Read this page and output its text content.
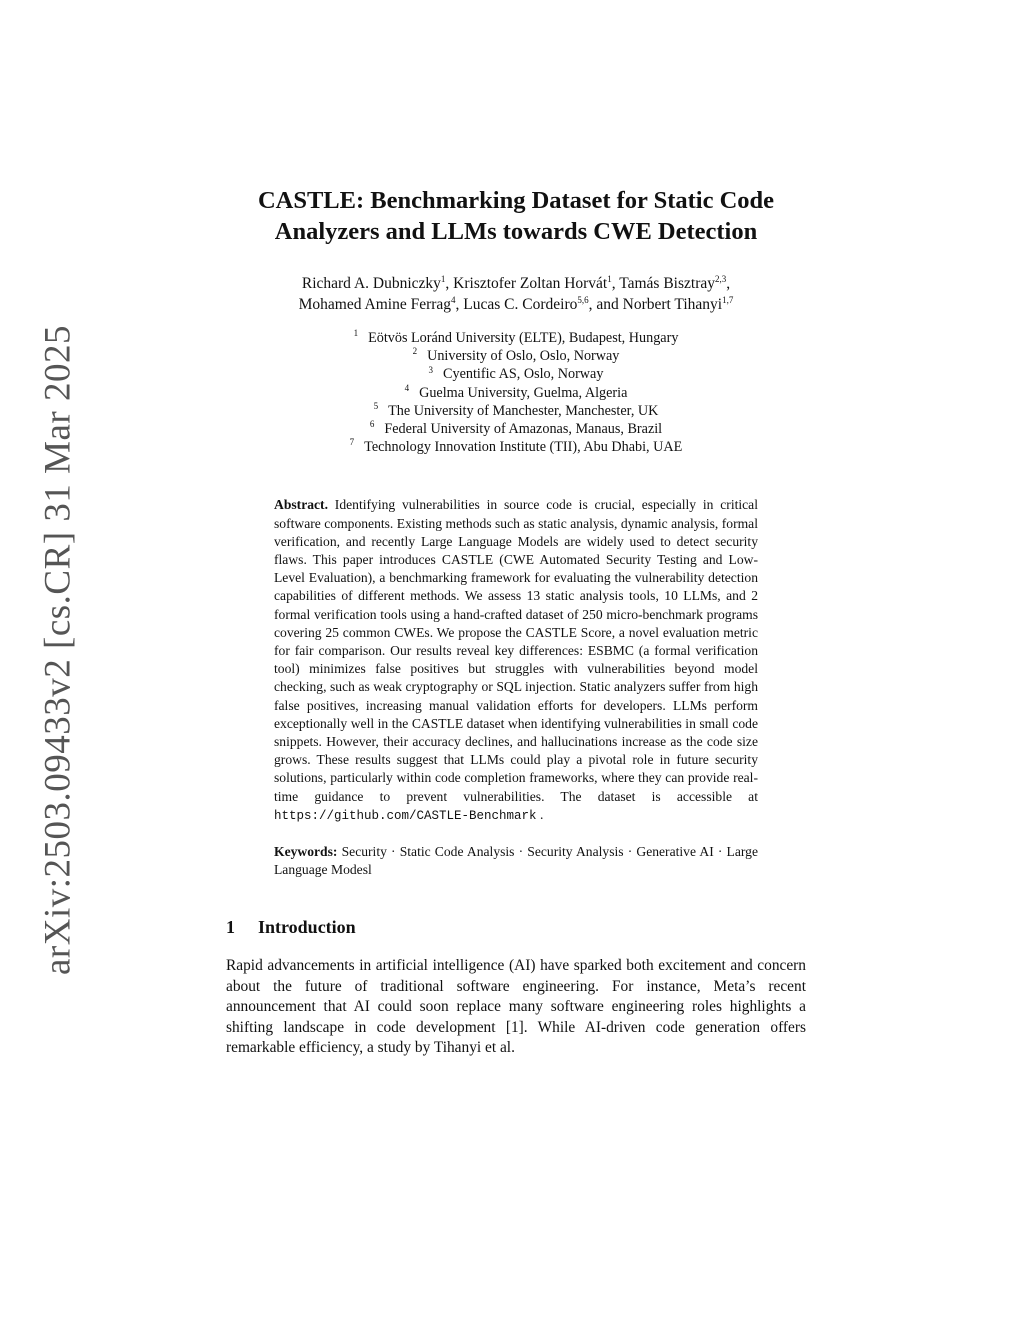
arXiv:2503.09433v2 [cs.CR] 31 Mar 2025
CASTLE: Benchmarking Dataset for Static Code
Analyzers and LLMs towards CWE Detection
Richard A. Dubniczky$^1$, Krisztofer Zoltan Horvát$^1$, Tamás Bisztray$^{2,3}$,
Mohamed Amine Ferrag$^4$, Lucas C. Cordeiro$^{5,6}$, and Norbert Tihanyi$^{1,7}$
$^1$ Eötvös Loránd University (ELTE), Budapest, Hungary
$^2$ University of Oslo, Oslo, Norway
$^3$ Cyentific AS, Oslo, Norway
$^4$ Guelma University, Guelma, Algeria
$^5$ The University of Manchester, Manchester, UK
$^6$ Federal University of Amazonas, Manaus, Brazil
$^7$ Technology Innovation Institute (TII), Abu Dhabi, UAE
Abstract. Identifying vulnerabilities in source code is crucial, especially in critical software components. Existing methods such as static analysis, dynamic analysis, formal verification, and recently Large Language Models are widely used to detect security flaws. This paper introduces CASTLE (CWE Automated Security Testing and Low-Level Evaluation), a benchmarking framework for evaluating the vulnerability detection capabilities of different methods. We assess 13 static analysis tools, 10 LLMs, and 2 formal verification tools using a hand-crafted dataset of 250 micro-benchmark programs covering 25 common CWEs. We propose the CASTLE Score, a novel evaluation metric for fair comparison. Our results reveal key differences: ESBMC (a formal verification tool) minimizes false positives but struggles with vulnerabilities beyond model checking, such as weak cryptography or SQL injection. Static analyzers suffer from high false positives, increasing manual validation efforts for developers. LLMs perform exceptionally well in the CASTLE dataset when identifying vulnerabilities in small code snippets. However, their accuracy declines, and hallucinations increase as the code size grows. These results suggest that LLMs could play a pivotal role in future security solutions, particularly within code completion frameworks, where they can provide real-time guidance to prevent vulnerabilities. The dataset is accessible at https://github.com/CASTLE-Benchmark .
Keywords: Security · Static Code Analysis · Security Analysis · Generative AI · Large Language Modesl
1 Introduction

Rapid advancements in artificial intelligence (AI) have sparked both excitement and concern about the future of traditional software engineering. For instance, Meta’s recent announcement that AI could soon replace many software engineering roles highlights a shifting landscape in code development [1]. While AI-driven code generation offers remarkable efficiency, a study by Tihanyi et al.
